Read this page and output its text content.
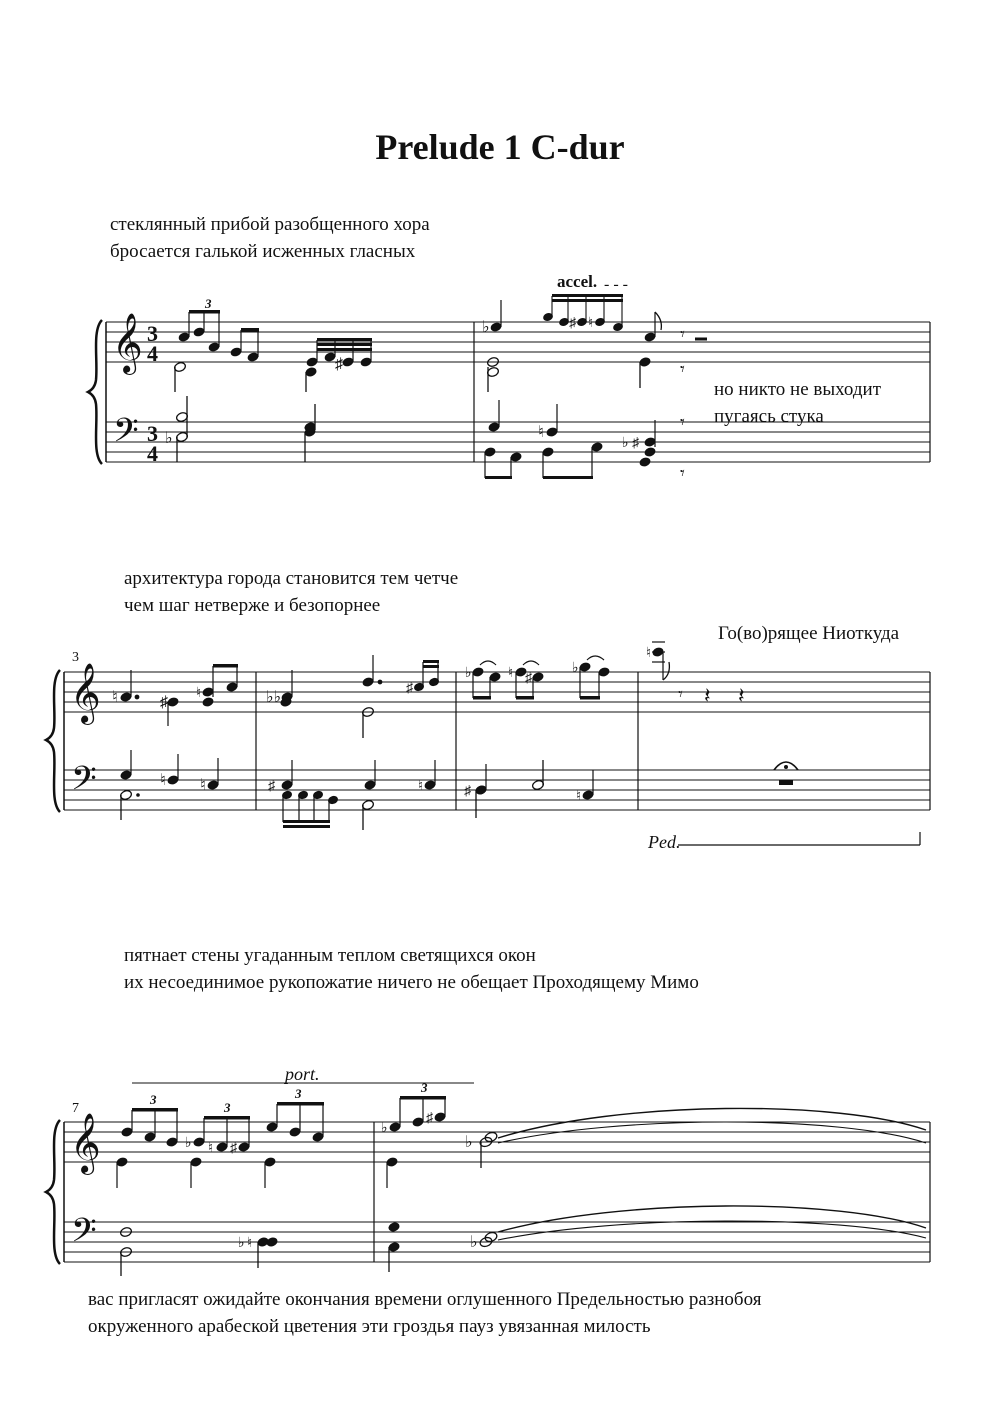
Prelude 1 C-dur
стеклянный прибой разобщенного хора
бросается галькой исженных гласных
но никто не выходит
пугаясь стука
архитектура города становится тем четче
чем шаг нетверже и безопорнее
Го(во)рящее Ниоткуда
пятнает стены угаданным теплом светящихся окон
их несоединимое рукопожатие ничего не обещает Проходящему Мимо
вас пригласят ожидайте окончания времени оглушенного Предельностью разнобоя
окруженного арабеской цветения эти гроздья пауз увязанная милость
𝄞
𝄢
3
4
3
4
3
♯
♭
accel. - - -
♭	♯ ♮
𝄾
𝄾
♮
♭ ♯
𝄾
𝄾
3
𝄞
𝄢
♮	♯
♮	♭♭
♯
♭	♮ ♯
♭
♮
𝄾 𝄽 𝄽
♮ ♮	♯	♮	♯	♮
Ped.
7
port.
𝄞
𝄢
3
3
3	3
♭ ♮ ♯
♭
♯
♭
♭ ♮	♭
